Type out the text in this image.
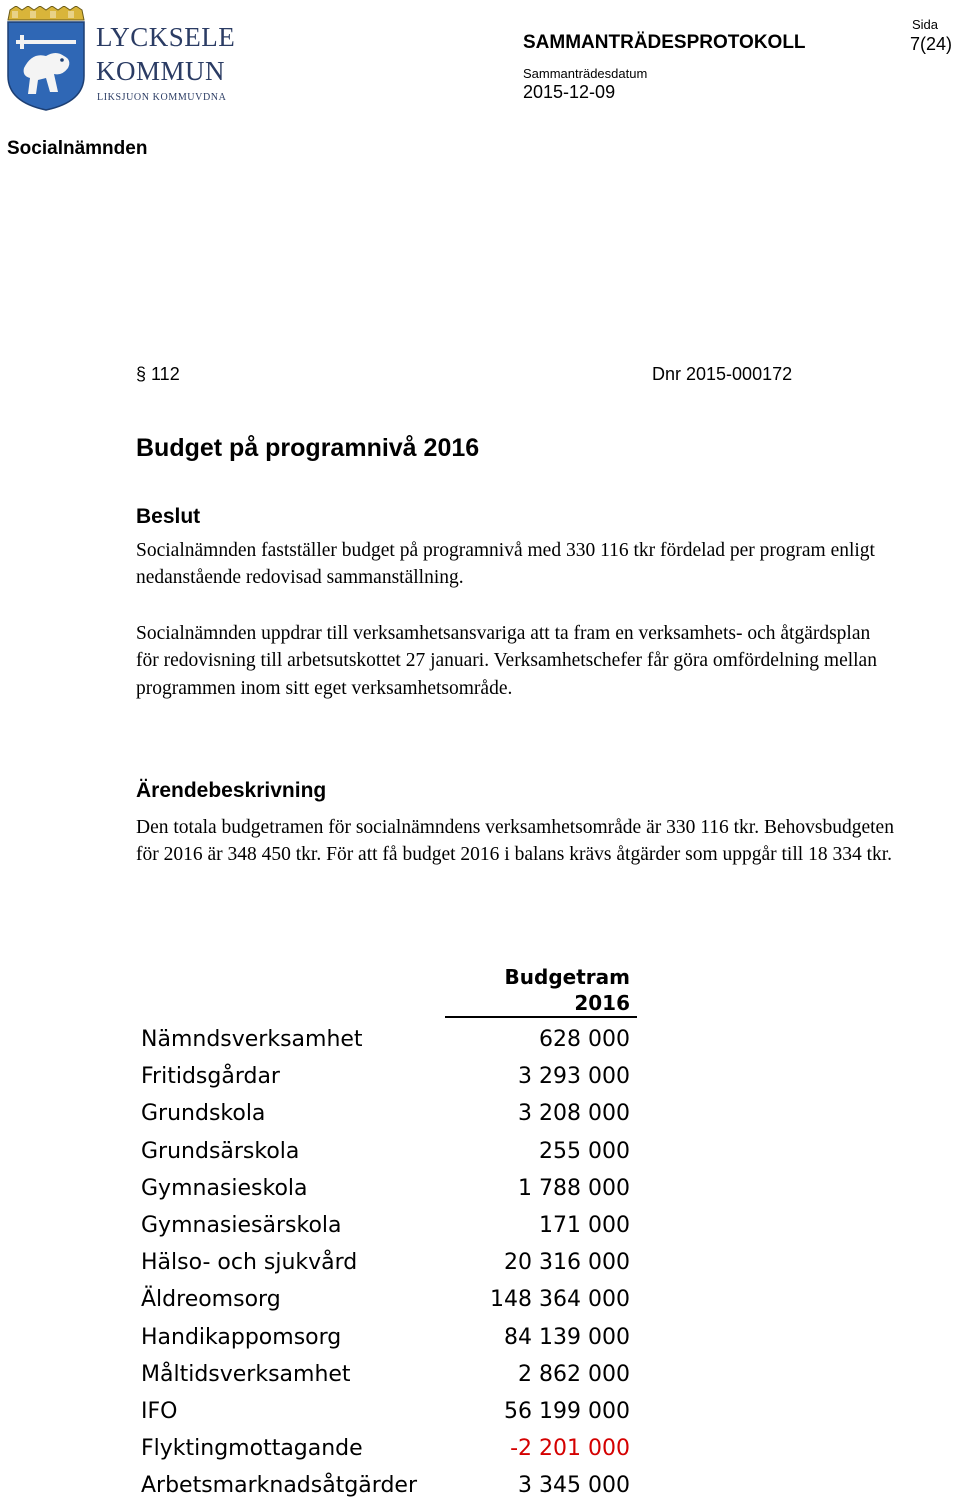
LYCKSELE
KOMMUN
LIKSJUON KOMMUVDNA
SAMMANTRÄDESPROTOKOLL
Sammanträdesdatum
2015-12-09
Sida
7(24)
Socialnämnden
§ 112	Dnr 2015-000172
Budget på programnivå 2016
Beslut
Socialnämnden fastställer budget på programnivå med 330 116 tkr fördelad per program enligt nedanstående redovisad sammanställning.
Socialnämnden uppdrar till verksamhetsansvariga att ta fram en verksamhets- och åtgärdsplan för redovisning till arbetsutskottet 27 januari. Verksamhetschefer får göra omfördelning mellan programmen inom sitt eget verksamhetsområde.
Ärendebeskrivning
Den totala budgetramen för socialnämndens verksamhetsområde är 330 116 tkr. Behovsbudgeten för 2016 är 348 450 tkr. För att få budget 2016 i balans krävs åtgärder som uppgår till 18 334 tkr.
Budgetram
2016
Nämndsverksamhet	628 000
Fritidsgårdar	3 293 000
Grundskola	3 208 000
Grundsärskola	255 000
Gymnasieskola	1 788 000
Gymnasiesärskola	171 000
Hälso- och sjukvård	20 316 000
Äldreomsorg	148 364 000
Handikappomsorg	84 139 000
Måltidsverksamhet	2 862 000
IFO	56 199 000
Flyktingmottagande	-2 201 000
Arbetsmarknadsåtgärder	3 345 000
